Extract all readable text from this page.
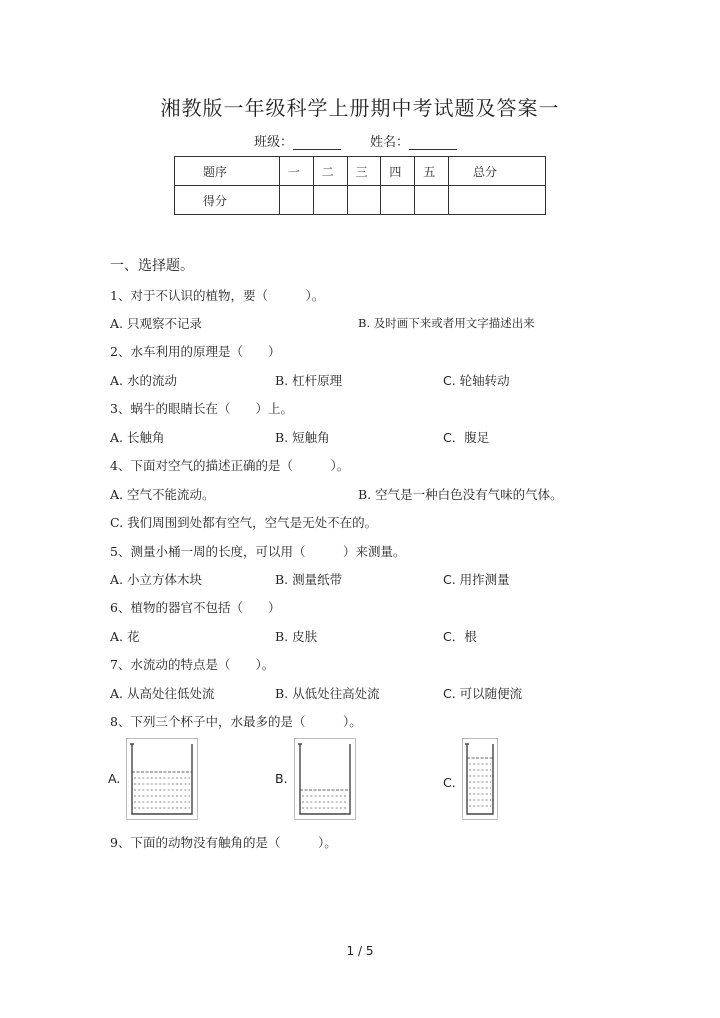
湘教版一年级科学上册期中考试题及答案一
班级：	姓名：
题序	一	二	三	四	五	总分
得分						
一、选择题。
1、对于不认识的植物，要（　　　）。
A. 只观察不记录	B. 及时画下来或者用文字描述出来
2、水车利用的原理是（　　）
A. 水的流动	B. 杠杆原理	C. 轮轴转动
3、蜗牛的眼睛长在（　　）上。
A. 长触角	B. 短触角	C．腹足
4、下面对空气的描述正确的是（　　　）。
A. 空气不能流动。	B. 空气是一种白色没有气味的气体。
C. 我们周围到处都有空气，空气是无处不在的。
5、测量小桶一周的长度，可以用（　　　）来测量。
A. 小立方体木块	B. 测量纸带	C. 用拃测量
6、植物的器官不包括（　　）
A. 花	B. 皮肤	C．根
7、水流动的特点是（　　）。
A. 从高处往低处流	B. 从低处往高处流	C. 可以随便流
8、下列三个杯子中，水最多的是（　　　）。
A.	B.	C．
9、下面的动物没有触角的是（　　　）。
1 / 5
